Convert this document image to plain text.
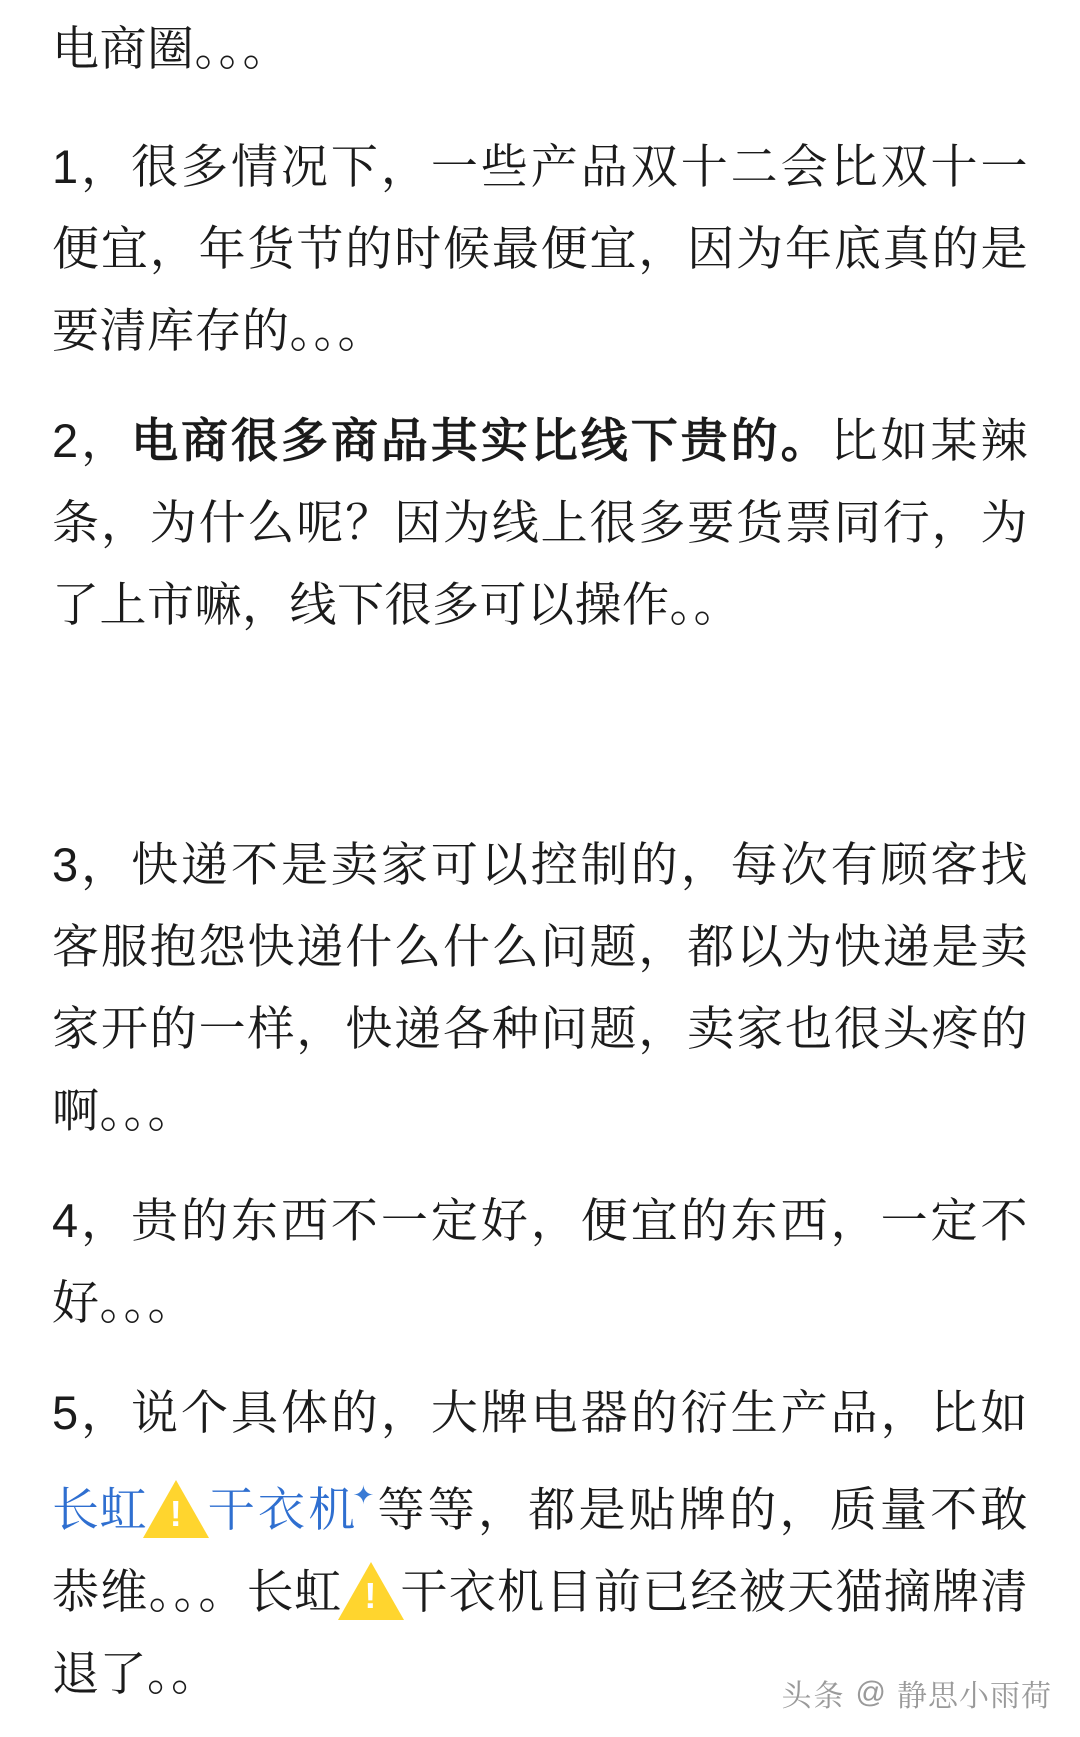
电商圈。。。

1，很多情况下，一些产品双十二会比双十一便宜，年货节的时候最便宜，因为年底真的是要清库存的。。。

2，电商很多商品其实比线下贵的。比如某辣条，为什么呢？因为线上很多要货票同行，为了上市嘛，线下很多可以操作。。

3，快递不是卖家可以控制的，每次有顾客找客服抱怨快递什么什么问题，都以为快递是卖家开的一样，快递各种问题，卖家也很头疼的啊。。。

4，贵的东西不一定好，便宜的东西，一定不好。。。

5，说个具体的，大牌电器的衍生产品，比如长虹 ! 干衣机✦等等，都是贴牌的，质量不敢恭维。。。长虹 ! 干衣机目前已经被天猫摘牌清退了。。	头条 @ 静思小雨荷
